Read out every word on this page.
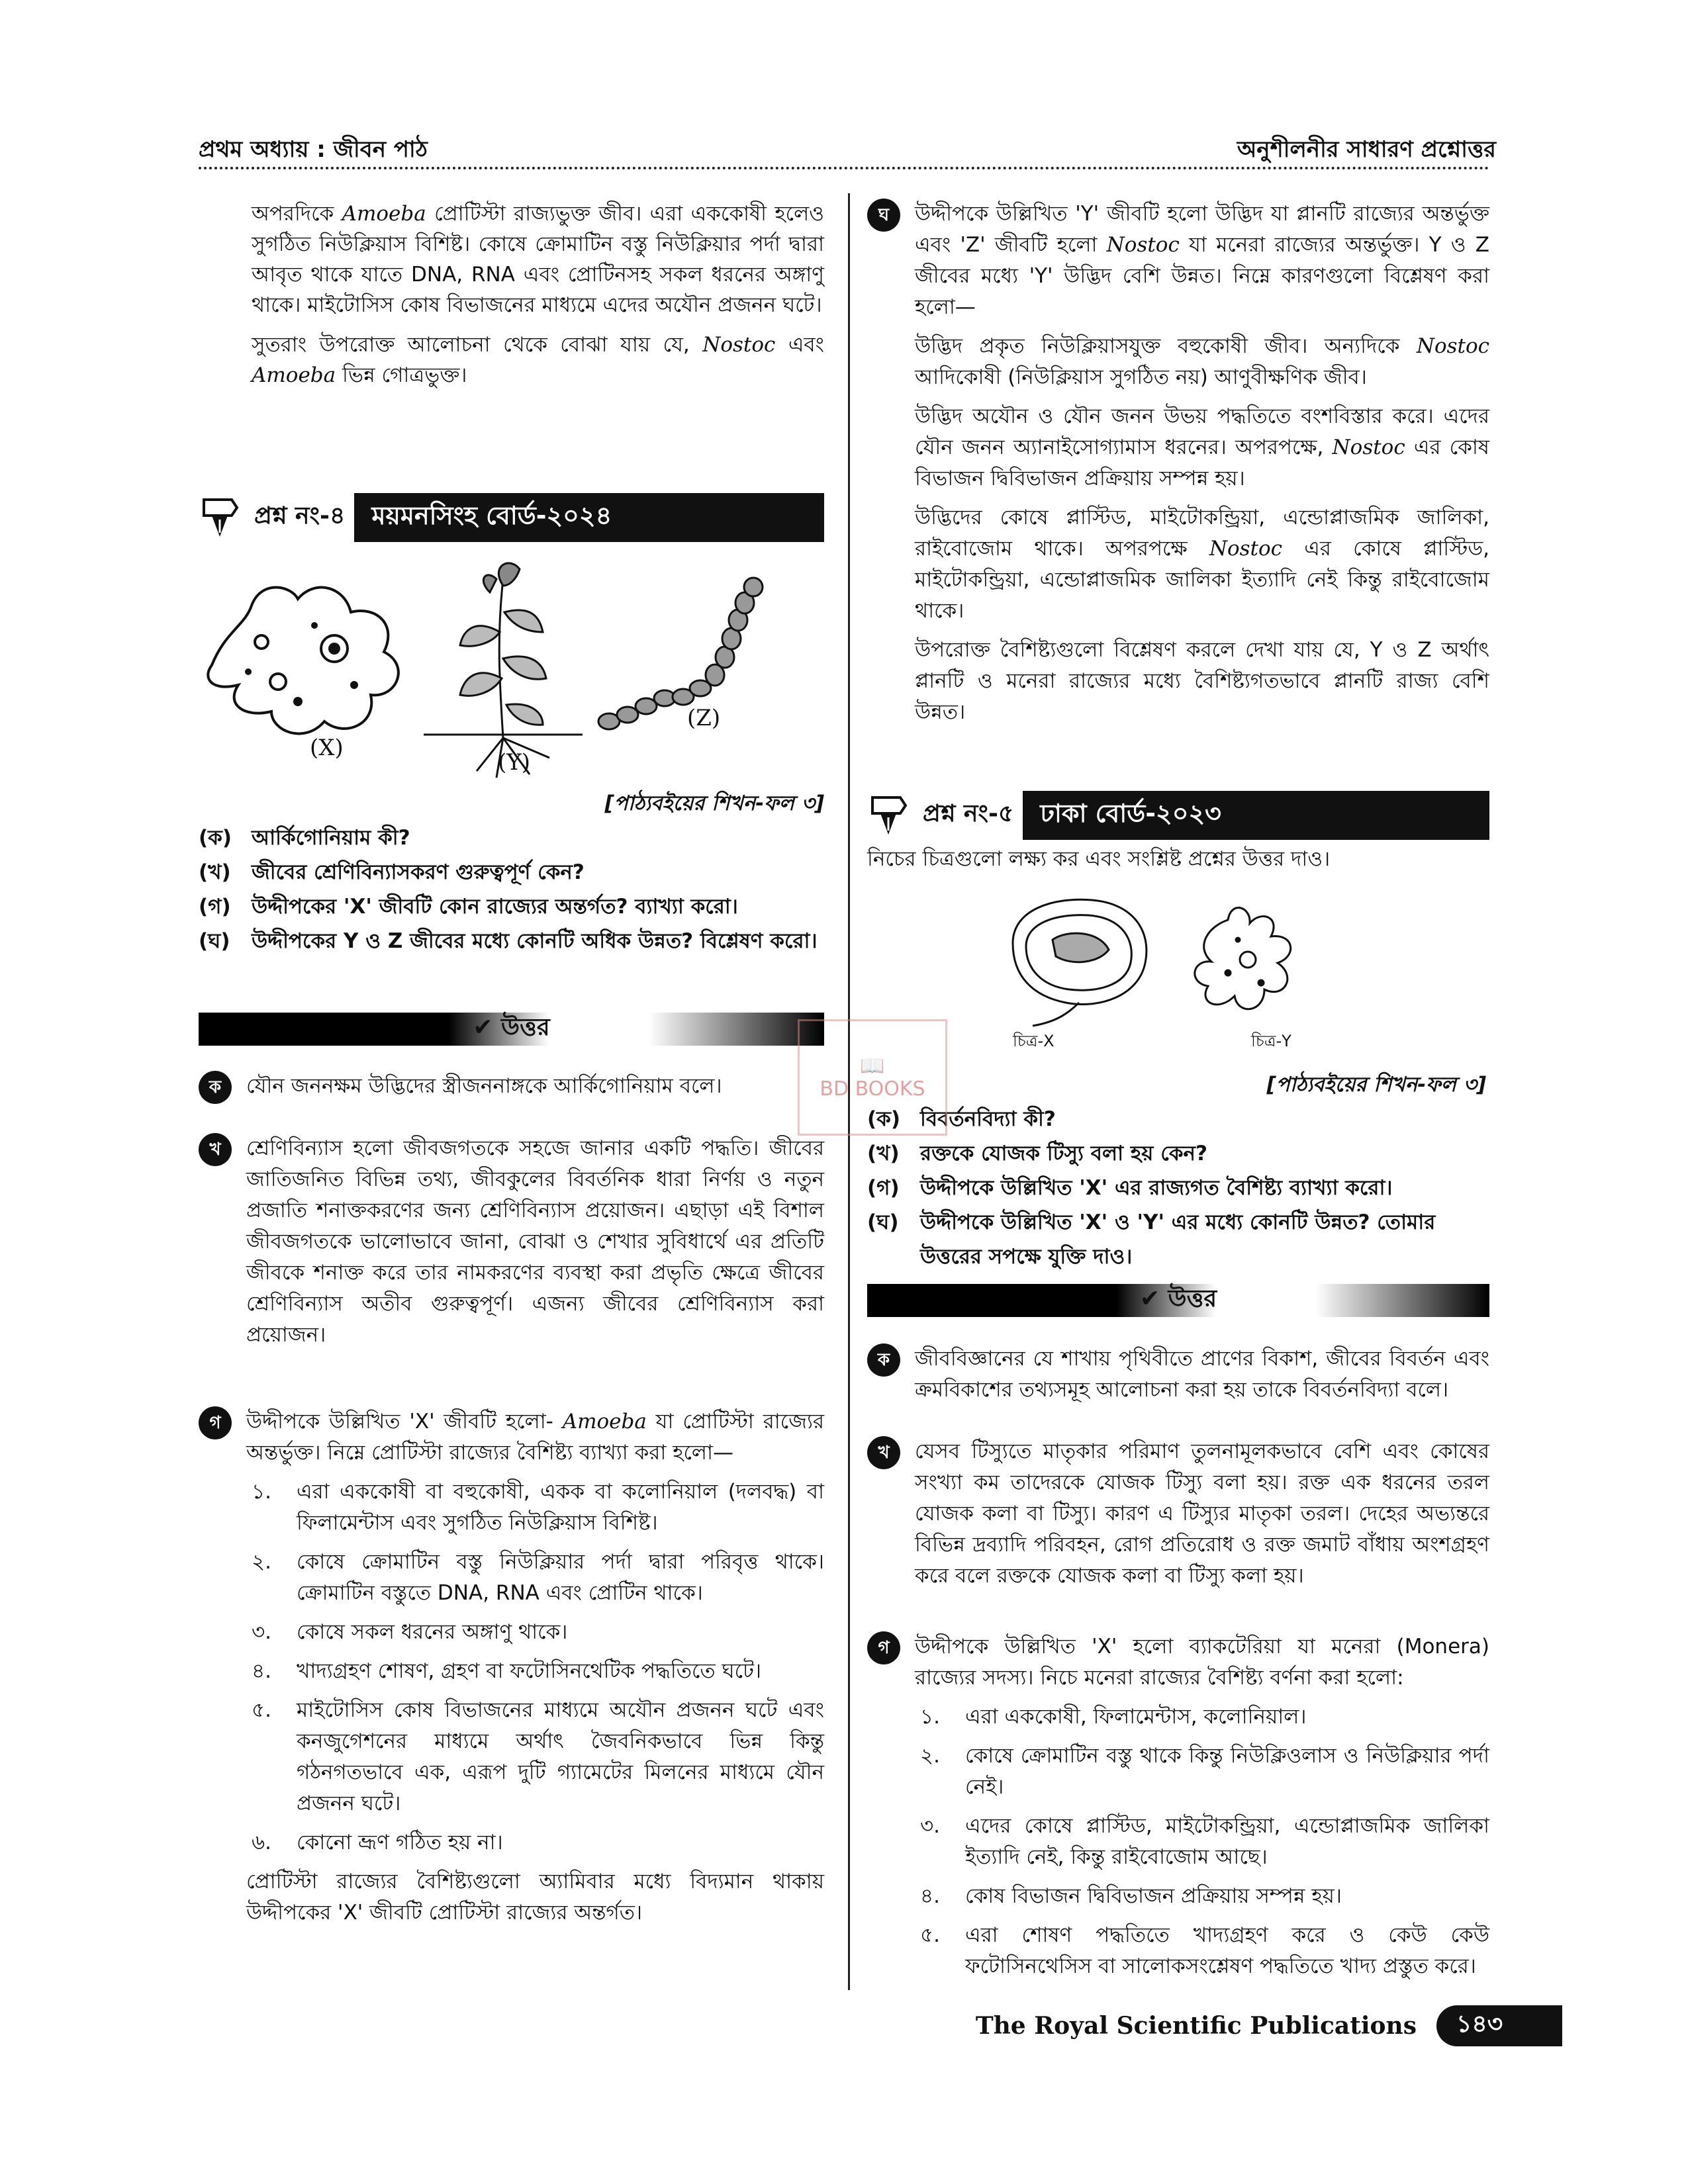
প্রথম অধ্যায় : জীবন পাঠ	অনুশীলনীর সাধারণ প্রশ্নোত্তর

অপরদিকে Amoeba প্রোটিস্টা রাজ্যভুক্ত জীব। এরা এককোষী হলেও সুগঠিত নিউক্লিয়াস বিশিষ্ট। কোষে ক্রোমাটিন বস্তু নিউক্লিয়ার পর্দা দ্বারা আবৃত থাকে যাতে DNA, RNA এবং প্রোটিনসহ সকল ধরনের অঙ্গাণু থাকে। মাইটোসিস কোষ বিভাজনের মাধ্যমে এদের অযৌন প্রজনন ঘটে।

সুতরাং উপরোক্ত আলোচনা থেকে বোঝা যায় যে, Nostoc এবং Amoeba ভিন্ন গোত্রভুক্ত।

প্রশ্ন নং-৪	ময়মনসিংহ বোর্ড-২০২৪
(X)
(Y)
(Z)
[পাঠ্যবইয়ের শিখন-ফল ৩]
(ক) আর্কিগোনিয়াম কী?
(খ) জীবের শ্রেণিবিন্যাসকরণ গুরুত্বপূর্ণ কেন?
(গ) উদ্দীপকের 'X' জীবটি কোন রাজ্যের অন্তর্গত? ব্যাখ্যা করো।
(ঘ) উদ্দীপকের Y ও Z জীবের মধ্যে কোনটি অধিক উন্নত? বিশ্লেষণ করো।
✔ উত্তর
ক	যৌন জননক্ষম উদ্ভিদের স্ত্রীজননাঙ্গকে আর্কিগোনিয়াম বলে।
খ	শ্রেণিবিন্যাস হলো জীবজগতকে সহজে জানার একটি পদ্ধতি। জীবের জাতিজনিত বিভিন্ন তথ্য, জীবকুলের বিবর্তনিক ধারা নির্ণয় ও নতুন প্রজাতি শনাক্তকরণের জন্য শ্রেণিবিন্যাস প্রয়োজন। এছাড়া এই বিশাল জীবজগতকে ভালোভাবে জানা, বোঝা ও শেখার সুবিধার্থে এর প্রতিটি জীবকে শনাক্ত করে তার নামকরণের ব্যবস্থা করা প্রভৃতি ক্ষেত্রে জীবের শ্রেণিবিন্যাস অতীব গুরুত্বপূর্ণ। এজন্য জীবের শ্রেণিবিন্যাস করা প্রয়োজন।
গ	উদ্দীপকে উল্লিখিত 'X' জীবটি হলো- Amoeba যা প্রোটিস্টা রাজ্যের অন্তর্ভুক্ত। নিম্নে প্রোটিস্টা রাজ্যের বৈশিষ্ট্য ব্যাখ্যা করা হলো—
১. এরা এককোষী বা বহুকোষী, একক বা কলোনিয়াল (দলবদ্ধ) বা ফিলামেন্টাস এবং সুগঠিত নিউক্লিয়াস বিশিষ্ট।
২. কোষে ক্রোমাটিন বস্তু নিউক্লিয়ার পর্দা দ্বারা পরিবৃত্ত থাকে। ক্রোমাটিন বস্তুতে DNA, RNA এবং প্রোটিন থাকে।
৩. কোষে সকল ধরনের অঙ্গাণু থাকে।
৪. খাদ্যগ্রহণ শোষণ, গ্রহণ বা ফটোসিনথেটিক পদ্ধতিতে ঘটে।
৫. মাইটোসিস কোষ বিভাজনের মাধ্যমে অযৌন প্রজনন ঘটে এবং কনজুগেশনের মাধ্যমে অর্থাৎ জৈবনিকভাবে ভিন্ন কিন্তু গঠনগতভাবে এক, এরূপ দুটি গ্যামেটের মিলনের মাধ্যমে যৌন প্রজনন ঘটে।
৬. কোনো ভ্রূণ গঠিত হয় না।
প্রোটিস্টা রাজ্যের বৈশিষ্ট্যগুলো অ্যামিবার মধ্যে বিদ্যমান থাকায় উদ্দীপকের 'X' জীবটি প্রোটিস্টা রাজ্যের অন্তর্গত।
ঘ	উদ্দীপকে উল্লিখিত 'Y' জীবটি হলো উদ্ভিদ যা প্লানটি রাজ্যের অন্তর্ভুক্ত এবং 'Z' জীবটি হলো Nostoc যা মনেরা রাজ্যের অন্তর্ভুক্ত। Y ও Z জীবের মধ্যে 'Y' উদ্ভিদ বেশি উন্নত। নিম্নে কারণগুলো বিশ্লেষণ করা হলো—
উদ্ভিদ প্রকৃত নিউক্লিয়াসযুক্ত বহুকোষী জীব। অন্যদিকে Nostoc আদিকোষী (নিউক্লিয়াস সুগঠিত নয়) আণুবীক্ষণিক জীব।
উদ্ভিদ অযৌন ও যৌন জনন উভয় পদ্ধতিতে বংশবিস্তার করে। এদের যৌন জনন অ্যানাইসোগ্যামাস ধরনের। অপরপক্ষে, Nostoc এর কোষ বিভাজন দ্বিবিভাজন প্রক্রিয়ায় সম্পন্ন হয়।
উদ্ভিদের কোষে প্লাস্টিড, মাইটোকন্ড্রিয়া, এন্ডোপ্লাজমিক জালিকা, রাইবোজোম থাকে। অপরপক্ষে Nostoc এর কোষে প্লাস্টিড, মাইটোকন্ড্রিয়া, এন্ডোপ্লাজমিক জালিকা ইত্যাদি নেই কিন্তু রাইবোজোম থাকে।
উপরোক্ত বৈশিষ্ট্যগুলো বিশ্লেষণ করলে দেখা যায় যে, Y ও Z অর্থাৎ প্লানটি ও মনেরা রাজ্যের মধ্যে বৈশিষ্ট্যগতভাবে প্লানটি রাজ্য বেশি উন্নত।
প্রশ্ন নং-৫	ঢাকা বোর্ড-২০২৩
নিচের চিত্রগুলো লক্ষ্য কর এবং সংশ্লিষ্ট প্রশ্নের উত্তর দাও।
চিত্র-X	চিত্র-Y
[পাঠ্যবইয়ের শিখন-ফল ৩]
(ক) বিবর্তনবিদ্যা কী?
(খ) রক্তকে যোজক টিস্যু বলা হয় কেন?
(গ) উদ্দীপকে উল্লিখিত 'X' এর রাজ্যগত বৈশিষ্ট্য ব্যাখ্যা করো।
(ঘ) উদ্দীপকে উল্লিখিত 'X' ও 'Y' এর মধ্যে কোনটি উন্নত? তোমার উত্তরের সপক্ষে যুক্তি দাও।
✔ উত্তর
ক	জীববিজ্ঞানের যে শাখায় পৃথিবীতে প্রাণের বিকাশ, জীবের বিবর্তন এবং ক্রমবিকাশের তথ্যসমূহ আলোচনা করা হয় তাকে বিবর্তনবিদ্যা বলে।
খ	যেসব টিস্যুতে মাতৃকার পরিমাণ তুলনামূলকভাবে বেশি এবং কোষের সংখ্যা কম তাদেরকে যোজক টিস্যু বলা হয়। রক্ত এক ধরনের তরল যোজক কলা বা টিস্যু। কারণ এ টিস্যুর মাতৃকা তরল। দেহের অভ্যন্তরে বিভিন্ন দ্রব্যাদি পরিবহন, রোগ প্রতিরোধ ও রক্ত জমাট বাঁধায় অংশগ্রহণ করে বলে রক্তকে যোজক কলা বা টিস্যু কলা হয়।
গ	উদ্দীপকে উল্লিখিত 'X' হলো ব্যাকটেরিয়া যা মনেরা (Monera) রাজ্যের সদস্য। নিচে মনেরা রাজ্যের বৈশিষ্ট্য বর্ণনা করা হলো:
১. এরা এককোষী, ফিলামেন্টাস, কলোনিয়াল।
২. কোষে ক্রোমাটিন বস্তু থাকে কিন্তু নিউক্লিওলাস ও নিউক্লিয়ার পর্দা নেই।
৩. এদের কোষে প্লাস্টিড, মাইটোকন্ড্রিয়া, এন্ডোপ্লাজমিক জালিকা ইত্যাদি নেই, কিন্তু রাইবোজোম আছে।
৪. কোষ বিভাজন দ্বিবিভাজন প্রক্রিয়ায় সম্পন্ন হয়।
৫. এরা শোষণ পদ্ধতিতে খাদ্যগ্রহণ করে ও কেউ কেউ ফটোসিনথেসিস বা সালোকসংশ্লেষণ পদ্ধতিতে খাদ্য প্রস্তুত করে।
📖
BD BOOKS
The Royal Scientific Publications	১৪৩
